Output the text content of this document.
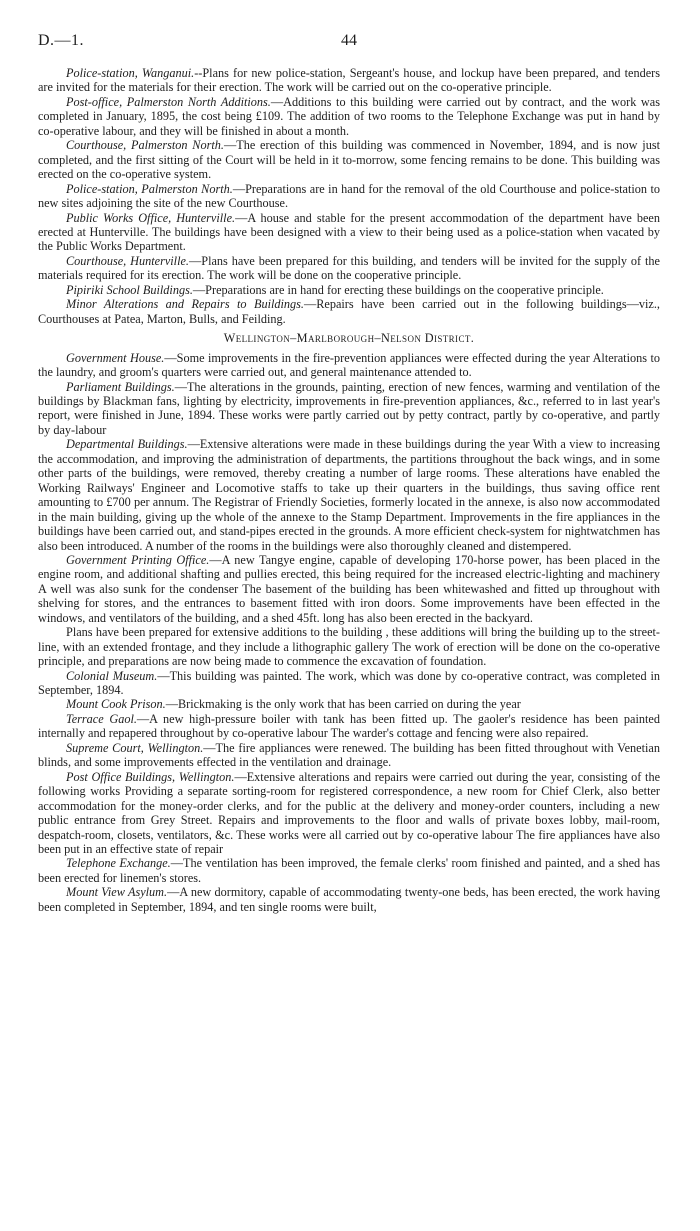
D.—1.	44

Police-station, Wanganui.--Plans for new police-station, Sergeant's house, and lockup have been prepared, and tenders are invited for the materials for their erection. The work will be carried out on the co-operative principle.

Post-office, Palmerston North Additions.—Additions to this building were carried out by contract, and the work was completed in January, 1895, the cost being £109. The addition of two rooms to the Telephone Exchange was put in hand by co-operative labour, and they will be finished in about a month.

Courthouse, Palmerston North.—The erection of this building was commenced in November, 1894, and is now just completed, and the first sitting of the Court will be held in it to-morrow, some fencing remains to be done. This building was erected on the co-operative system.

Police-station, Palmerston North.—Preparations are in hand for the removal of the old Courthouse and police-station to new sites adjoining the site of the new Courthouse.

Public Works Office, Hunterville.—A house and stable for the present accommodation of the department have been erected at Hunterville. The buildings have been designed with a view to their being used as a police-station when vacated by the Public Works Department.

Courthouse, Hunterville.—Plans have been prepared for this building, and tenders will be invited for the supply of the materials required for its erection. The work will be done on the cooperative principle.

Pipiriki School Buildings.—Preparations are in hand for erecting these buildings on the cooperative principle.

Minor Alterations and Repairs to Buildings.—Repairs have been carried out in the following buildings—viz., Courthouses at Patea, Marton, Bulls, and Feilding.

Wellington–Marlborough–Nelson District.

Government House.—Some improvements in the fire-prevention appliances were effected during the year Alterations to the laundry, and groom's quarters were carried out, and general maintenance attended to.

Parliament Buildings.—The alterations in the grounds, painting, erection of new fences, warming and ventilation of the buildings by Blackman fans, lighting by electricity, improvements in fire-prevention appliances, &c., referred to in last year's report, were finished in June, 1894. These works were partly carried out by petty contract, partly by co-operative, and partly by day-labour

Departmental Buildings.—Extensive alterations were made in these buildings during the year With a view to increasing the accommodation, and improving the administration of departments, the partitions throughout the back wings, and in some other parts of the buildings, were removed, thereby creating a number of large rooms. These alterations have enabled the Working Railways' Engineer and Locomotive staffs to take up their quarters in the buildings, thus saving office rent amounting to £700 per annum. The Registrar of Friendly Societies, formerly located in the annexe, is also now accommodated in the main building, giving up the whole of the annexe to the Stamp Department. Improvements in the fire appliances in the buildings have been carried out, and stand-pipes erected in the grounds. A more efficient check-system for nightwatchmen has also been introduced. A number of the rooms in the buildings were also thoroughly cleaned and distempered.

Government Printing Office.—A new Tangye engine, capable of developing 170-horse power, has been placed in the engine room, and additional shafting and pullies erected, this being required for the increased electric-lighting and machinery A well was also sunk for the condenser The basement of the building has been whitewashed and fitted up throughout with shelving for stores, and the entrances to basement fitted with iron doors. Some improvements have been effected in the windows, and ventilators of the building, and a shed 45ft. long has also been erected in the backyard.

Plans have been prepared for extensive additions to the building , these additions will bring the building up to the street-line, with an extended frontage, and they include a lithographic gallery The work of erection will be done on the co-operative principle, and preparations are now being made to commence the excavation of foundation.

Colonial Museum.—This building was painted. The work, which was done by co-operative contract, was completed in September, 1894.

Mount Cook Prison.—Brickmaking is the only work that has been carried on during the year

Terrace Gaol.—A new high-pressure boiler with tank has been fitted up. The gaoler's residence has been painted internally and repapered throughout by co-operative labour The warder's cottage and fencing were also repaired.

Supreme Court, Wellington.—The fire appliances were renewed. The building has been fitted throughout with Venetian blinds, and some improvements effected in the ventilation and drainage.

Post Office Buildings, Wellington.—Extensive alterations and repairs were carried out during the year, consisting of the following works Providing a separate sorting-room for registered correspondence, a new room for Chief Clerk, also better accommodation for the money-order clerks, and for the public at the delivery and money-order counters, including a new public entrance from Grey Street. Repairs and improvements to the floor and walls of private boxes lobby, mail-room, despatch-room, closets, ventilators, &c. These works were all carried out by co-operative labour The fire appliances have also been put in an effective state of repair

Telephone Exchange.—The ventilation has been improved, the female clerks' room finished and painted, and a shed has been erected for linemen's stores.

Mount View Asylum.—A new dormitory, capable of accommodating twenty-one beds, has been erected, the work having been completed in September, 1894, and ten single rooms were built,
